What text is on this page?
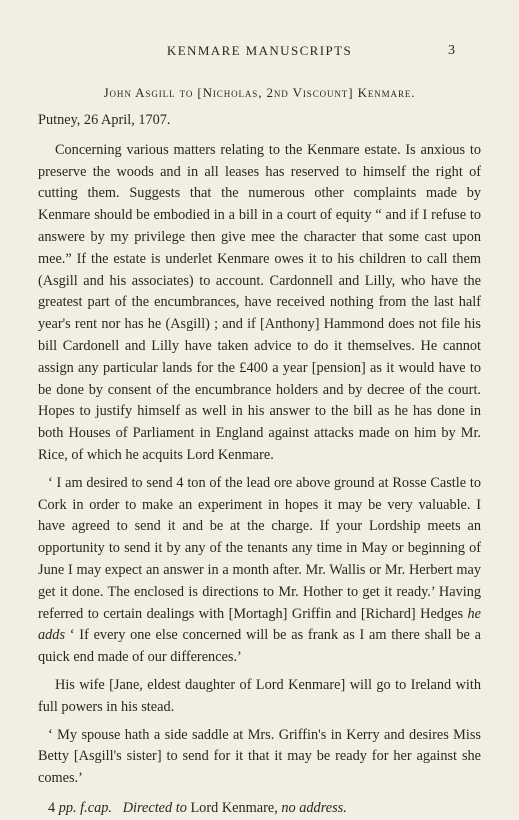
KENMARE MANUSCRIPTS	3
John Asgill to [Nicholas, 2nd Viscount] Kenmare.

Putney, 26 April, 1707.

Concerning various matters relating to the Kenmare estate. Is anxious to preserve the woods and in all leases has reserved to himself the right of cutting them. Suggests that the numerous other complaints made by Kenmare should be embodied in a bill in a court of equity “ and if I refuse to answere by my privilege then give mee the character that some cast upon mee.” If the estate is underlet Kenmare owes it to his children to call them (Asgill and his associates) to account. Cardonnell and Lilly, who have the greatest part of the encumbrances, have received nothing from the last half year's rent nor has he (Asgill) ; and if [Anthony] Hammond does not file his bill Cardonell and Lilly have taken advice to do it themselves. He cannot assign any particular lands for the £400 a year [pension] as it would have to be done by consent of the encumbrance holders and by decree of the court. Hopes to justify himself as well in his answer to the bill as he has done in both Houses of Parliament in England against attacks made on him by Mr. Rice, of which he acquits Lord Kenmare.

‘ I am desired to send 4 ton of the lead ore above ground at Rosse Castle to Cork in order to make an experiment in hopes it may be very valuable. I have agreed to send it and be at the charge. If your Lordship meets an opportunity to send it by any of the tenants any time in May or beginning of June I may expect an answer in a month after. Mr. Wallis or Mr. Herbert may get it done. The enclosed is directions to Mr. Hother to get it ready.’ Having referred to certain dealings with [Mortagh] Griffin and [Richard] Hedges he adds ‘ If every one else concerned will be as frank as I am there shall be a quick end made of our differences.’

His wife [Jane, eldest daughter of Lord Kenmare] will go to Ireland with full powers in his stead.

‘ My spouse hath a side saddle at Mrs. Griffin's in Kerry and desires Miss Betty [Asgill's sister] to send for it that it may be ready for her against she comes.’

4 pp. f.cap. Directed to Lord Kenmare, no address.
